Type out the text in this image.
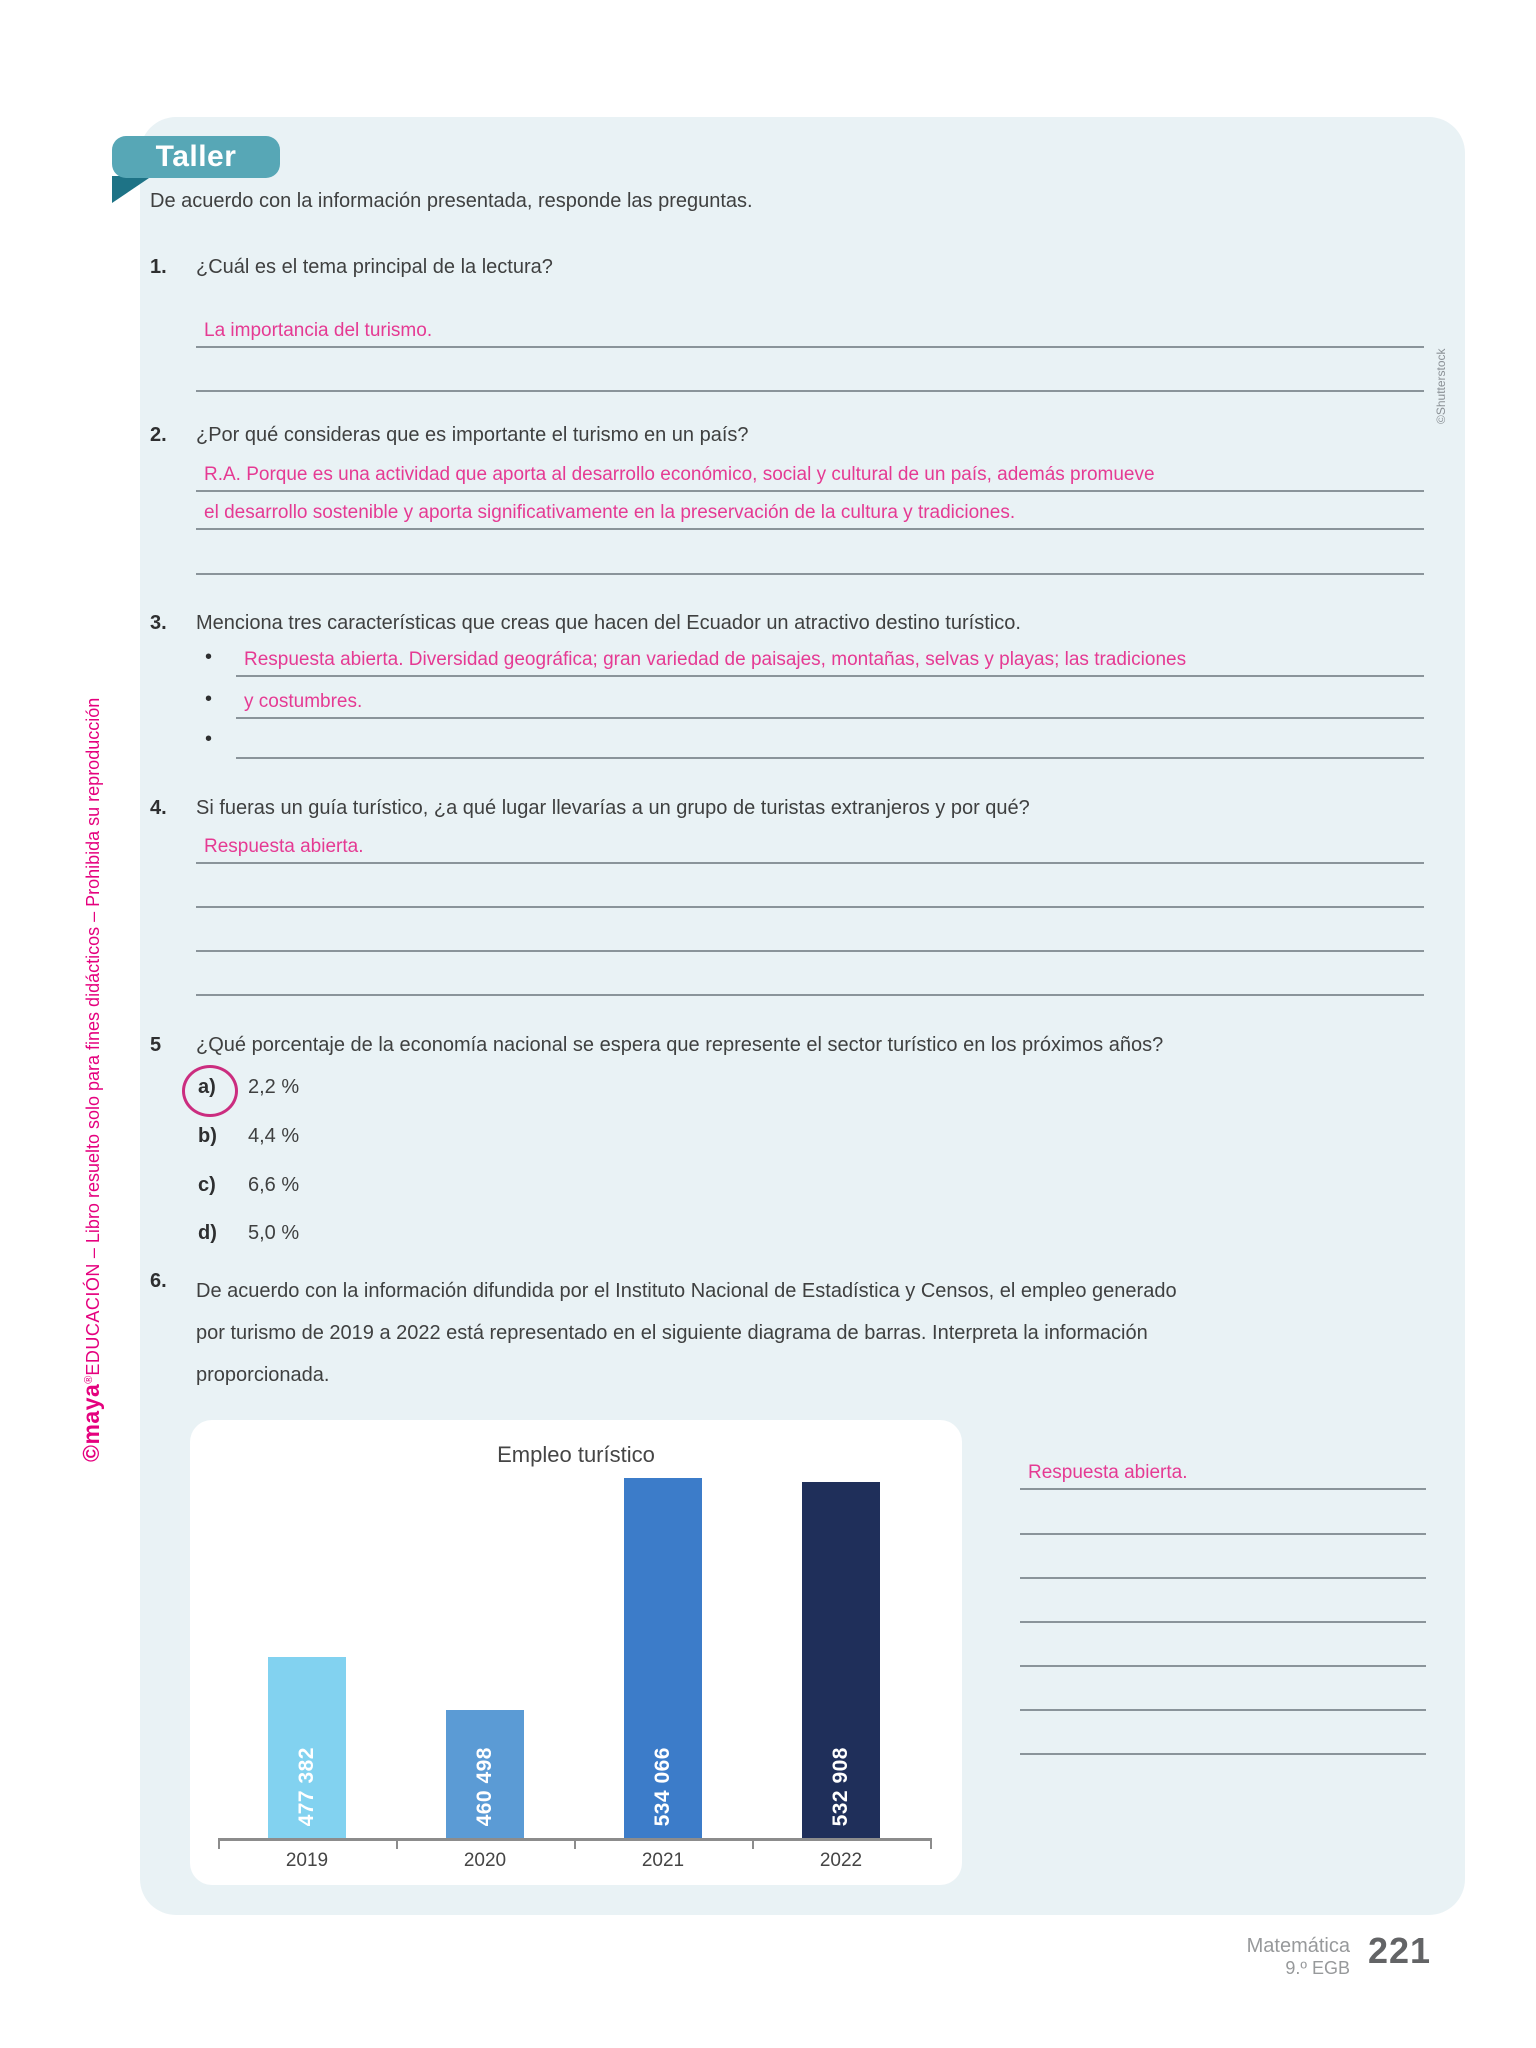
Taller
De acuerdo con la información presentada, responde las preguntas.
1. ¿Cuál es el tema principal de la lectura?
La importancia del turismo.
2. ¿Por qué consideras que es importante el turismo en un país?
R.A. Porque es una actividad que aporta al desarrollo económico, social y cultural de un país, además promueve
el desarrollo sostenible y aporta significativamente en la preservación de la cultura y tradiciones.
3. Menciona tres características que creas que hacen del Ecuador un atractivo destino turístico.
•	Respuesta abierta. Diversidad geográfica; gran variedad de paisajes, montañas, selvas y playas; las tradiciones
•	y costumbres.
•
4. Si fueras un guía turístico, ¿a qué lugar llevarías a un grupo de turistas extranjeros y por qué?
Respuesta abierta.
5 ¿Qué porcentaje de la economía nacional se espera que represente el sector turístico en los próximos años?
a) 2,2 %
b) 4,4 %
c) 6,6 %
d) 5,0 %
6. De acuerdo con la información difundida por el Instituto Nacional de Estadística y Censos, el empleo generado
por turismo de 2019 a 2022 está representado en el siguiente diagrama de barras. Interpreta la información
proporcionada.
Empleo turístico
477 382
2019
460 498
2020
534 066
2021
532 908
2022
Respuesta abierta.
©maya®EDUCACIÓN – Libro resuelto solo para fines didácticos – Prohibida su reproducción
©Shutterstock
Matemática
9.º EGB 221
